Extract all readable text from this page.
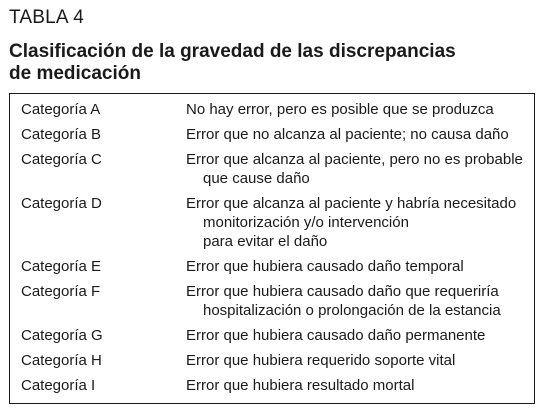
TABLA 4
Clasificación de la gravedad de las discrepancias
de medicación
Categoría A	No hay error, pero es posible que se produzca
Categoría B	Error que no alcanza al paciente; no causa daño
Categoría C	Error que alcanza al paciente, pero no es probable
que cause daño
Categoría D	Error que alcanza al paciente y habría necesitado
monitorización y/o intervención
para evitar el daño
Categoría E	Error que hubiera causado daño temporal
Categoría F	Error que hubiera causado daño que requeriría
hospitalización o prolongación de la estancia
Categoría G	Error que hubiera causado daño permanente
Categoría H	Error que hubiera requerido soporte vital
Categoría I	Error que hubiera resultado mortal
